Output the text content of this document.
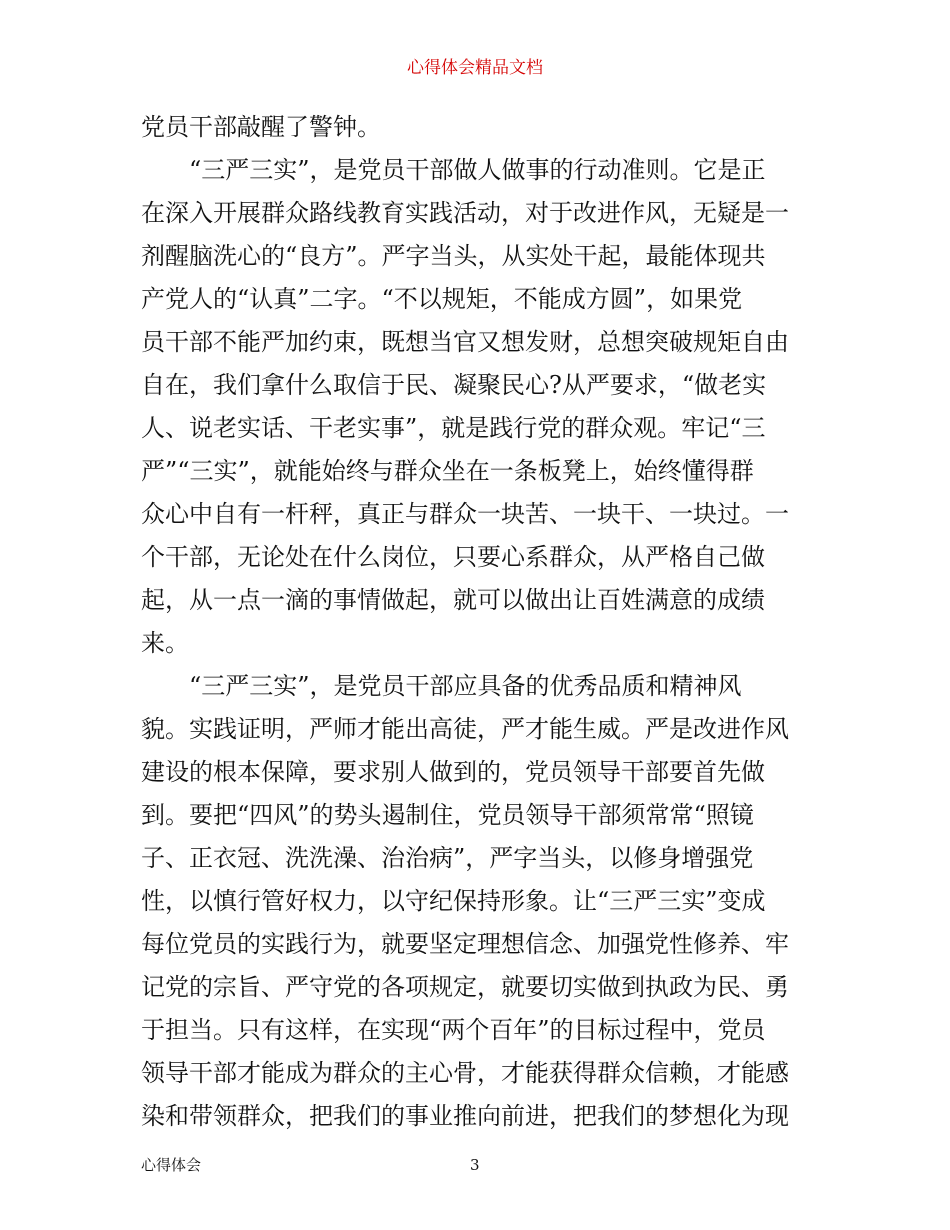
心得体会精品文档
党员干部敲醒了警钟。
　　“三严三实”，是党员干部做人做事的行动准则。它是正
在深入开展群众路线教育实践活动，对于改进作风，无疑是一
剂醒脑洗心的“良方”。严字当头，从实处干起，最能体现共
产党人的“认真”二字。“不以规矩，不能成方圆”，如果党
员干部不能严加约束，既想当官又想发财，总想突破规矩自由
自在，我们拿什么取信于民、凝聚民心?从严要求，“做老实
人、说老实话、干老实事”，就是践行党的群众观。牢记“三
严”“三实”，就能始终与群众坐在一条板凳上，始终懂得群
众心中自有一杆秤，真正与群众一块苦、一块干、一块过。一
个干部，无论处在什么岗位，只要心系群众，从严格自己做
起，从一点一滴的事情做起，就可以做出让百姓满意的成绩
来。
　　“三严三实”，是党员干部应具备的优秀品质和精神风
貌。实践证明，严师才能出高徒，严才能生威。严是改进作风
建设的根本保障，要求别人做到的，党员领导干部要首先做
到。要把“四风”的势头遏制住，党员领导干部须常常“照镜
子、正衣冠、洗洗澡、治治病”，严字当头，以修身增强党
性，以慎行管好权力，以守纪保持形象。让“三严三实”变成
每位党员的实践行为，就要坚定理想信念、加强党性修养、牢
记党的宗旨、严守党的各项规定，就要切实做到执政为民、勇
于担当。只有这样，在实现“两个百年”的目标过程中，党员
领导干部才能成为群众的主心骨，才能获得群众信赖，才能感
染和带领群众，把我们的事业推向前进，把我们的梦想化为现
心得体会	3
